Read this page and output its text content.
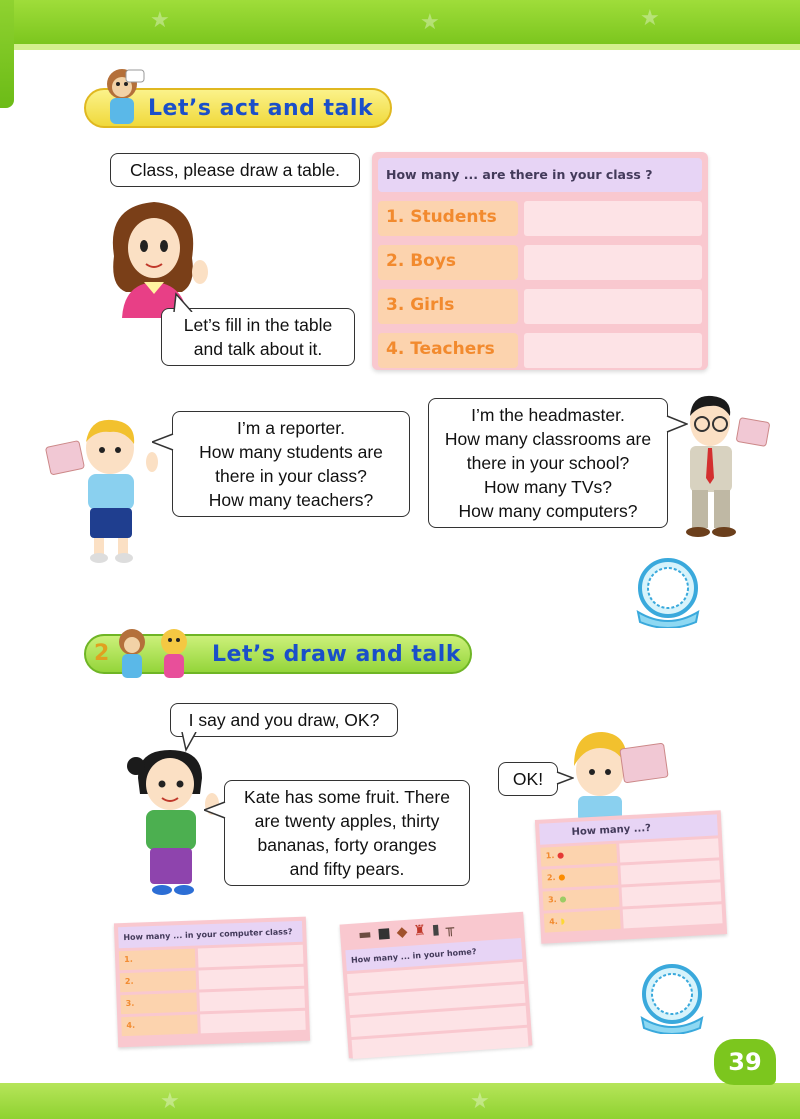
★	★	★
★	★
Let’s act and talk
Class, please draw a table.
Let’s fill in the table
and talk about it.
How many ... are there in your class ?
1. Students
2. Boys
3. Girls
4. Teachers
I’m a reporter.
How many students are
there in your class?
How many teachers?
I’m the headmaster.
How many classrooms are
there in your school?
How many TVs?
How many computers?
Let’s draw and talk
2
I say and you draw, OK?
Kate has some fruit. There
are twenty apples, thirty
bananas, forty oranges
and fifty pears.
OK!
How many ...?
1. ●
2. ●
3. ●
4. ◗
How many ... in your computer class?
1.
2.
3.
4.
▬■◆♜▮╥
How many ... in your home?
39
